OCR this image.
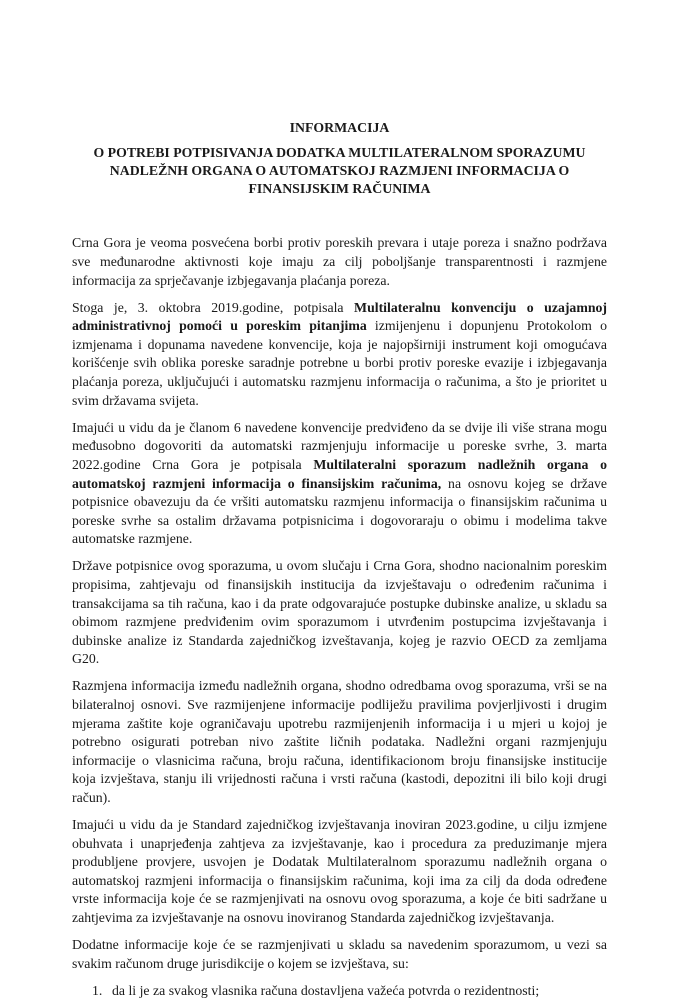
INFORMACIJA
O POTREBI POTPISIVANJA DODATKA MULTILATERALNOM SPORAZUMU NADLEŽNH ORGANA O AUTOMATSKOJ RAZMJENI INFORMACIJA O FINANSIJSKIM RAČUNIMA

Crna Gora je veoma posvećena borbi protiv poreskih prevara i utaje poreza i snažno podržava sve međunarodne aktivnosti koje imaju za cilj poboljšanje transparentnosti i razmjene informacija za sprječavanje izbjegavanja plaćanja poreza.

Stoga je, 3. oktobra 2019.godine, potpisala Multilateralnu konvenciju o uzajamnoj administrativnoj pomoći u poreskim pitanjima izmijenjenu i dopunjenu Protokolom o izmjenama i dopunama navedene konvencije, koja je najopširniji instrument koji omogućava korišćenje svih oblika poreske saradnje potrebne u borbi protiv poreske evazije i izbjegavanja plaćanja poreza, uključujući i automatsku razmjenu informacija o računima, a što je prioritet u svim državama svijeta.

Imajući u vidu da je članom 6 navedene konvencije predviđeno da se dvije ili više strana mogu međusobno dogovoriti da automatski razmjenjuju informacije u poreske svrhe, 3. marta 2022.godine Crna Gora je potpisala Multilateralni sporazum nadležnih organa o automatskoj razmjeni informacija o finansijskim računima, na osnovu kojeg se države potpisnice obavezuju da će vršiti automatsku razmjenu informacija o finansijskim računima u poreske svrhe sa ostalim državama potpisnicima i dogovoraraju o obimu i modelima takve automatske razmjene.

Države potpisnice ovog sporazuma, u ovom slučaju i Crna Gora, shodno nacionalnim poreskim propisima, zahtjevaju od finansijskih institucija da izvještavaju o određenim računima i transakcijama sa tih računa, kao i da prate odgovarajuće postupke dubinske analize, u skladu sa obimom razmjene predviđenim ovim sporazumom i utvrđenim postupcima izvještavanja i dubinske analize iz Standarda zajedničkog izveštavanja, kojeg je razvio OECD za zemljama G20.

Razmjena informacija između nadležnih organa, shodno odredbama ovog sporazuma, vrši se na bilateralnoj osnovi. Sve razmijenjene informacije podliježu pravilima povjerljivosti i drugim mjerama zaštite koje ograničavaju upotrebu razmijenjenih informacija i u mjeri u kojoj je potrebno osigurati potreban nivo zaštite ličnih podataka. Nadležni organi razmjenjuju informacije o vlasnicima računa, broju računa, identifikacionom broju finansijske institucije koja izvještava, stanju ili vrijednosti računa i vrsti računa (kastodi, depozitni ili bilo koji drugi račun).

Imajući u vidu da je Standard zajedničkog izvještavanja inoviran 2023.godine, u cilju izmjene obuhvata i unaprjeđenja zahtjeva za izvještavanje, kao i procedura za preduzimanje mjera produbljene provjere, usvojen je Dodatak Multilateralnom sporazumu nadležnih organa o automatskoj razmjeni informacija o finansijskim računima, koji ima za cilj da doda određene vrste informacija koje će se razmjenjivati na osnovu ovog sporazuma, a koje će biti sadržane u zahtjevima za izvještavanje na osnovu inoviranog Standarda zajedničkog izvještavanja.

Dodatne informacije koje će se razmjenjivati u skladu sa navedenim sporazumom, u vezi sa svakim računom druge jurisdikcije o kojem se izvještava, su:

1. da li je za svakog vlasnika računa dostavljena važeća potvrda o rezidentnosti;
